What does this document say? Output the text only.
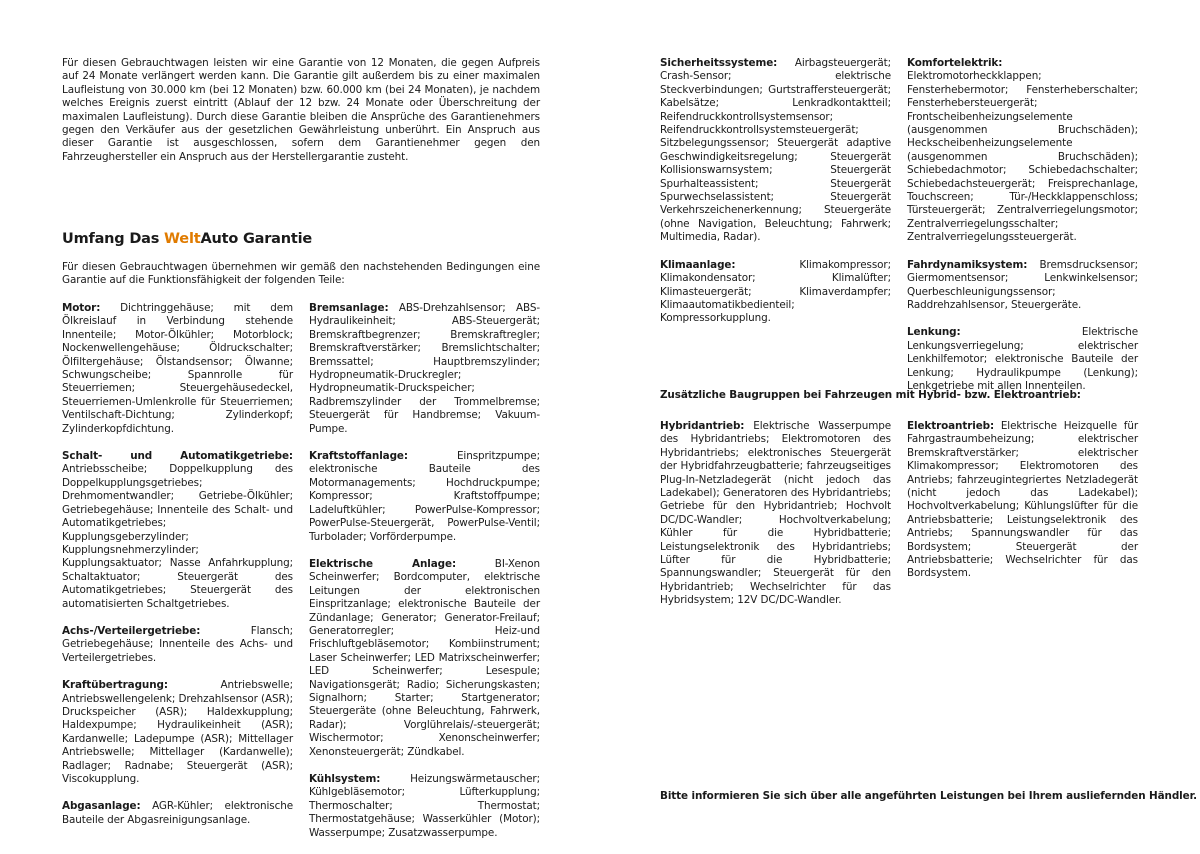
Für diesen Gebrauchtwagen leisten wir eine Garantie von 12 Monaten, die gegen Aufpreis auf 24 Monate verlängert werden kann. Die Garantie gilt außerdem bis zu einer maximalen Laufleistung von 30.000 km (bei 12 Monaten) bzw. 60.000 km (bei 24 Monaten), je nachdem welches Ereignis zuerst eintritt (Ablauf der 12 bzw. 24 Monate oder Überschreitung der maximalen Laufleistung). Durch diese Garantie bleiben die Ansprüche des Garantienehmers gegen den Verkäufer aus der gesetzlichen Gewährleistung unberührt. Ein Anspruch aus dieser Garantie ist ausgeschlossen, sofern dem Garantienehmer gegen den Fahrzeughersteller ein Anspruch aus der Herstellergarantie zusteht.

Umfang Das WeltAuto Garantie

Für diesen Gebrauchtwagen übernehmen wir gemäß den nachstehenden Bedingungen eine Garantie auf die Funktionsfähigkeit der folgenden Teile:

Motor: Dichtringgehäuse; mit dem Ölkreislauf in Verbindung stehende Innenteile; Motor-Ölkühler; Motorblock; Nockenwellengehäuse; Öldruckschalter; Ölfiltergehäuse; Ölstandsensor; Ölwanne; Schwungscheibe; Spannrolle für Steuerriemen; Steuergehäusedeckel, Steuerriemen-Umlenkrolle für Steuerriemen; Ventilschaft-Dichtung; Zylinderkopf; Zylinderkopfdichtung.

Schalt- und Automatikgetriebe: Antriebsscheibe; Doppelkupplung des Doppelkupplungsgetriebes; Drehmomentwandler; Getriebe-Ölkühler; Getriebegehäuse; Innenteile des Schalt- und Automatikgetriebes; Kupplungsgeberzylinder; Kupplungsnehmerzylinder; Kupplungsaktuator; Nasse Anfahrkupplung; Schaltaktuator; Steuergerät des Automatikgetriebes; Steuergerät des automatisierten Schaltgetriebes.

Achs-/Verteilergetriebe:	Flansch; Getriebegehäuse; Innenteile des Achs- und Verteilergetriebes.

Kraftübertragung:	Antriebswelle; Antriebswellengelenk; Drehzahlsensor (ASR); Druckspeicher (ASR); Haldexkupplung; Haldexpumpe; Hydraulikeinheit (ASR); Kardanwelle; Ladepumpe (ASR); Mittellager Antriebswelle; Mittellager (Kardanwelle); Radlager; Radnabe; Steuergerät (ASR); Viscokupplung.

Abgasanlage: AGR-Kühler; elektronische Bauteile der Abgasreinigungsanlage.

Bremsanlage: ABS-Drehzahlsensor; ABS-Hydraulikeinheit; ABS-Steuergerät; Bremskraftbegrenzer; Bremskraftregler; Bremskraftverstärker; Bremslichtschalter; Bremssattel; Hauptbremszylinder; Hydropneumatik-Druckregler; Hydropneumatik-Druckspeicher; Radbremszylinder der Trommelbremse; Steuergerät für Handbremse; Vakuum-Pumpe.

Kraftstoffanlage:	Einspritzpumpe; elektronische Bauteile des Motormanagements; Hochdruckpumpe; Kompressor; Kraftstoffpumpe; Ladeluftkühler; PowerPulse-Kompressor; PowerPulse-Steuergerät, PowerPulse-Ventil; Turbolader; Vorförderpumpe.

Elektrische Anlage:	BI-Xenon Scheinwerfer; Bordcomputer, elektrische Leitungen der elektronischen Einspritzanlage; elektronische Bauteile der Zündanlage; Generator; Generator-Freilauf; Generatorregler; Heiz-und Frischluftgebläsemotor; Kombiinstrument; Laser Scheinwerfer; LED Matrixscheinwerfer; LED Scheinwerfer; Lesespule; Navigationsgerät; Radio; Sicherungskasten; Signalhorn; Starter; Startgenerator; Steuergeräte (ohne Beleuchtung, Fahrwerk, Radar); Vorglührelais/-steuergerät; Wischermotor; Xenonscheinwerfer; Xenonsteuergerät; Zündkabel.

Kühlsystem:	Heizungswärmetauscher; Kühlgebläsemotor; Lüfterkupplung; Thermoschalter; Thermostat; Thermostatgehäuse; Wasserkühler (Motor); Wasserpumpe; Zusatzwasserpumpe.

Sicherheitssysteme: Airbagsteuergerät; Crash-Sensor; elektrische Steckverbindungen; Gurtstraffersteuergerät; Kabelsätze; Lenkradkontaktteil; Reifendruckkontrollsystemsensor; Reifendruckkontrollsystemsteuergerät; Sitzbelegungssensor; Steuergerät adaptive Geschwindigkeitsregelung; Steuergerät Kollisionswarnsystem; Steuergerät Spurhalteassistent; Steuergerät Spurwechselassistent; Steuergerät Verkehrszeichenerkennung; Steuergeräte (ohne Navigation, Beleuchtung; Fahrwerk; Multimedia, Radar).

Klimaanlage:	Klimakompressor; Klimakondensator; Klimalüfter; Klimasteuergerät; Klimaverdampfer; Klimaautomatikbedienteil; Kompressorkupplung.

Komfortelektrik: Elektromotorheckklappen; Fensterhebermotor; Fensterheberschalter; Fensterhebersteuergerät; Frontscheibenheizungselemente (ausgenommen Bruchschäden); Heckscheibenheizungselemente (ausgenommen Bruchschäden); Schiebedachmotor; Schiebedachschalter; Schiebedachsteuergerät; Freisprechanlage, Touchscreen; Tür-/Heckklappenschloss; Türsteuergerät; Zentralverriegelungsmotor; Zentralverriegelungsschalter; Zentralverriegelungssteuergerät.

Fahrdynamiksystem: Bremsdrucksensor; Giermomentsensor; Lenkwinkelsensor; Querbeschleunigungssensor; Raddrehzahlsensor, Steuergeräte.

Lenkung:	Elektrische Lenkungsverriegelung; elektrischer Lenkhilfemotor; elektronische Bauteile der Lenkung; Hydraulikpumpe (Lenkung); Lenkgetriebe mit allen Innenteilen.

Zusätzliche Baugruppen bei Fahrzeugen mit Hybrid- bzw. Elektroantrieb:

Hybridantrieb: Elektrische Wasserpumpe des Hybridantriebs; Elektromotoren des Hybridantriebs; elektronisches Steuergerät der Hybridfahrzeugbatterie; fahrzeugseitiges Plug-In-Netzladegerät (nicht jedoch das Ladekabel); Generatoren des Hybridantriebs; Getriebe für den Hybridantrieb; Hochvolt DC/DC-Wandler; Hochvoltverkabelung; Kühler für die Hybridbatterie; Leistungselektronik des Hybridantriebs; Lüfter für die Hybridbatterie; Spannungswandler; Steuergerät für den Hybridantrieb; Wechselrichter für das Hybridsystem; 12V DC/DC-Wandler.

Elektroantrieb: Elektrische Heizquelle für Fahrgastraumbeheizung; elektrischer Bremskraftverstärker; elektrischer Klimakompressor; Elektromotoren des Antriebs; fahrzeugintegriertes Netzladegerät (nicht jedoch das Ladekabel); Hochvoltverkabelung; Kühlungslüfter für die Antriebsbatterie; Leistungselektronik des Antriebs; Spannungswandler für das Bordsystem; Steuergerät der Antriebsbatterie; Wechselrichter für das Bordsystem.

Bitte informieren Sie sich über alle angeführten Leistungen bei Ihrem ausliefernden Händler.
